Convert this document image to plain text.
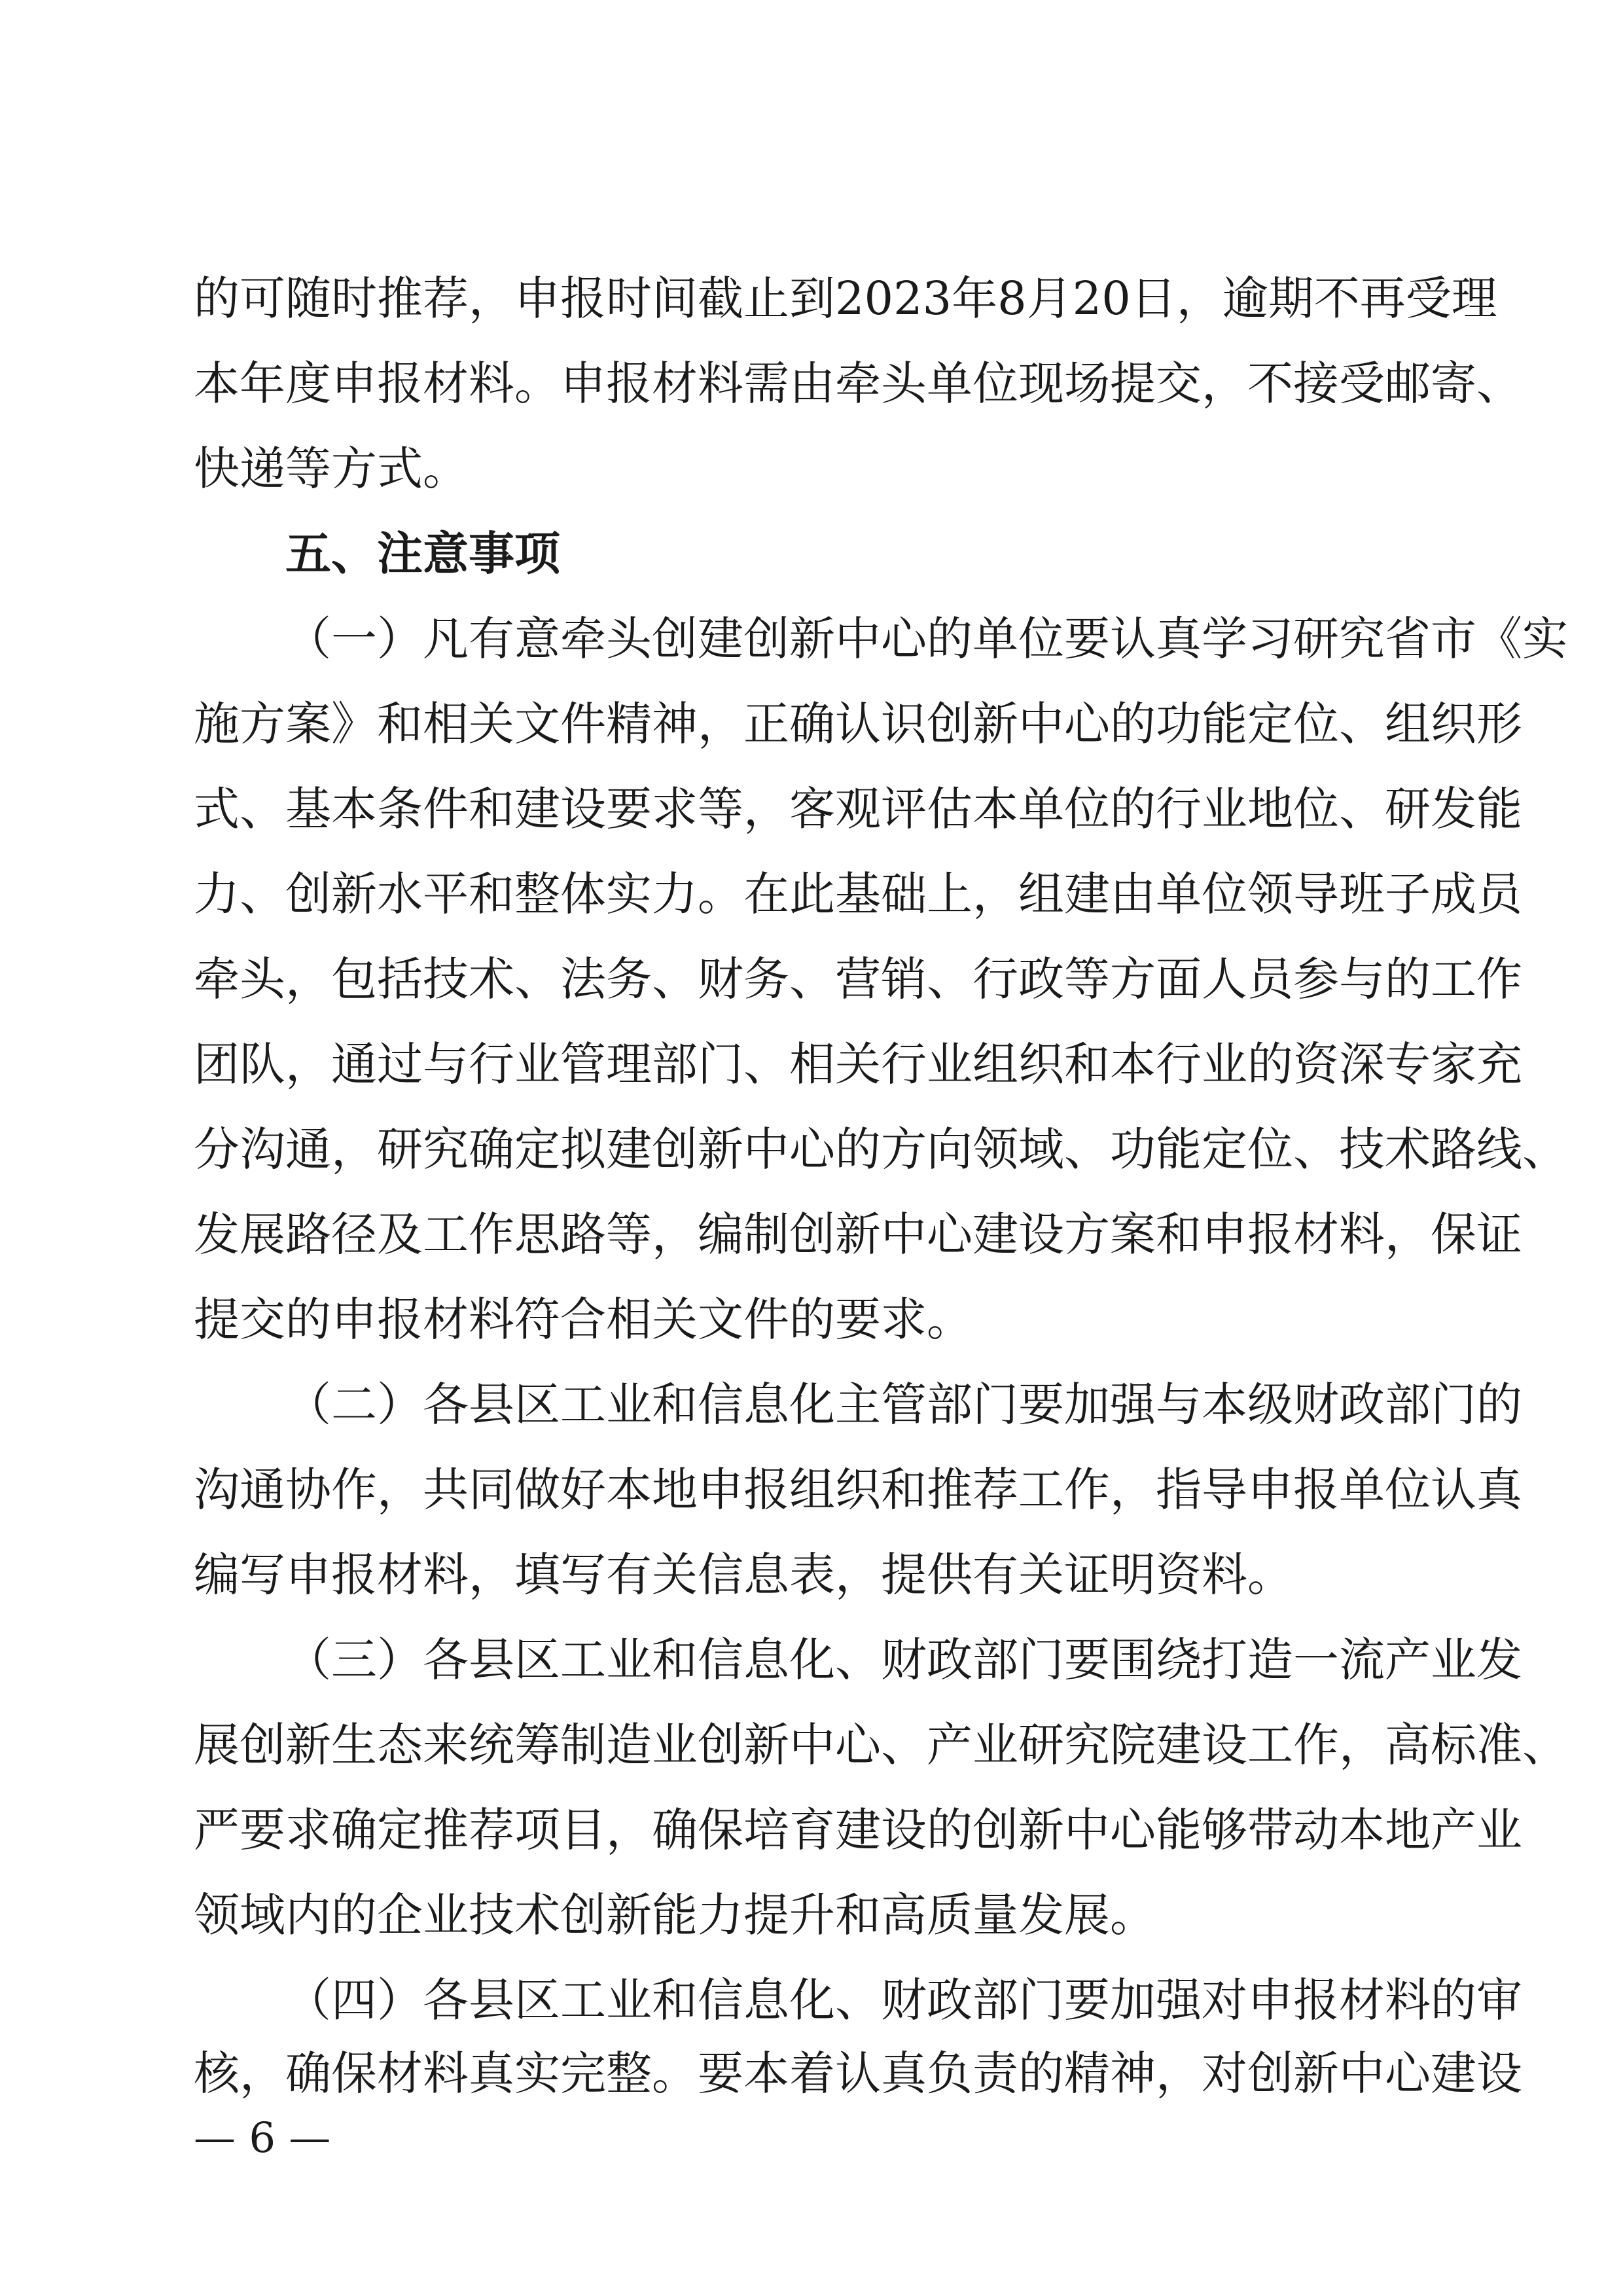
的可随时推荐，申报时间截止到2023年8月20日，逾期不再受理
本年度申报材料。申报材料需由牵头单位现场提交，不接受邮寄、
快递等方式。
五、注意事项
（一）凡有意牵头创建创新中心的单位要认真学习研究省市《实
施方案》和相关文件精神，正确认识创新中心的功能定位、组织形
式、基本条件和建设要求等，客观评估本单位的行业地位、研发能
力、创新水平和整体实力。在此基础上，组建由单位领导班子成员
牵头，包括技术、法务、财务、营销、行政等方面人员参与的工作
团队，通过与行业管理部门、相关行业组织和本行业的资深专家充
分沟通，研究确定拟建创新中心的方向领域、功能定位、技术路线、
发展路径及工作思路等，编制创新中心建设方案和申报材料，保证
提交的申报材料符合相关文件的要求。
（二）各县区工业和信息化主管部门要加强与本级财政部门的
沟通协作，共同做好本地申报组织和推荐工作，指导申报单位认真
编写申报材料，填写有关信息表，提供有关证明资料。
（三）各县区工业和信息化、财政部门要围绕打造一流产业发
展创新生态来统筹制造业创新中心、产业研究院建设工作，高标准、
严要求确定推荐项目，确保培育建设的创新中心能够带动本地产业
领域内的企业技术创新能力提升和高质量发展。
（四）各县区工业和信息化、财政部门要加强对申报材料的审
核，确保材料真实完整。要本着认真负责的精神，对创新中心建设
— 6 —
